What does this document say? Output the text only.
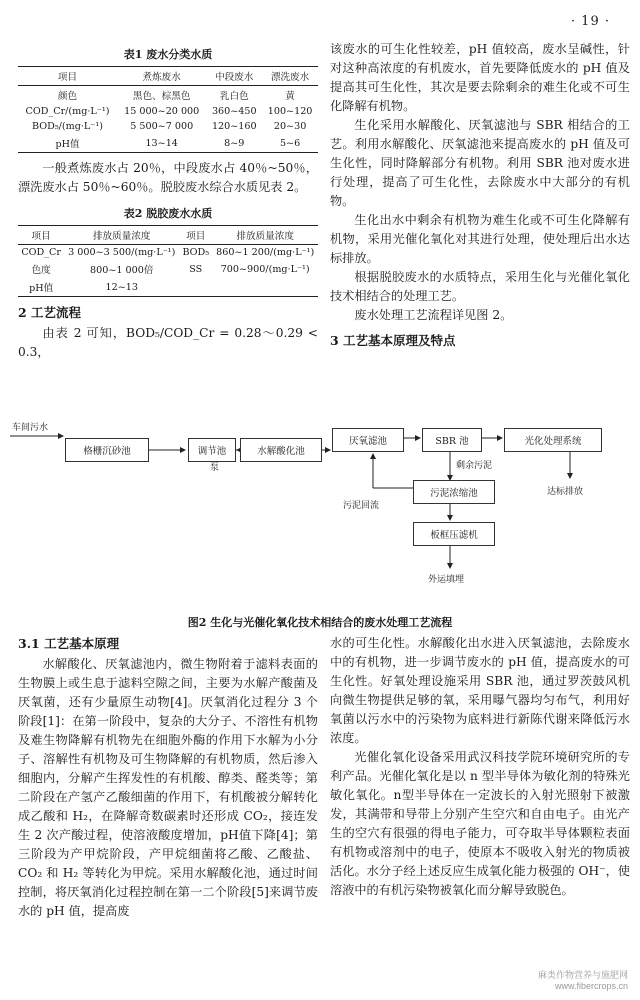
· 19 ·
表1 废水分类水质
项目	煮炼废水	中段废水	漂洗废水
颜色	黑色、棕黑色	乳白色	黄
COD_Cr/(mg·L⁻¹)	15 000~20 000	360~450	100~120
BOD₅/(mg·L⁻¹)	5 500~7 000	120~160	20~30
pH值	13~14	8~9	5~6

一般煮炼废水占 20％，中段废水占 40％~50％，漂洗废水占 50％~60％。脱胶废水综合水质见表 2。

表2 脱胶废水水质
项目	排放质量浓度	项目	排放质量浓度
COD_Cr	3 000~3 500/(mg·L⁻¹)	BOD₅	860~1 200/(mg·L⁻¹)
色度	800~1 000倍	SS	700~900/(mg·L⁻¹)
pH值	12~13		
2 工艺流程

由表 2 可知，BOD₅/COD_Cr = 0.28～0.29 < 0.3，

该废水的可生化性较差，pH 值较高，废水呈碱性，针对这种高浓度的有机废水，首先要降低废水的 pH 值及提高其可生化性，其次是要去除剩余的难生化或不可生化降解有机物。

生化采用水解酸化、厌氧滤池与 SBR 相结合的工艺。利用水解酸化、厌氧滤池来提高废水的 pH 值及可生化性，同时降解部分有机物。利用 SBR 池对废水进行处理，提高了可生化性，去除废水中大部分的有机物。

生化出水中剩余有机物为难生化或不可生化降解有机物，采用光催化氧化对其进行处理，使处理后出水达标排放。

根据脱胶废水的水质特点，采用生化与光催化氧化技术相结合的处理工艺。

废水处理工艺流程详见图 2。

3 工艺基本原理及特点
车间污水
格栅沉砂池	调节池	水解酸化池
厌氧滤池	SBR 池	光化处理系统
污泥浓缩池
板框压滤机
泵	剩余污泥
污泥回流
达标排放
外运填埋
图2 生化与光催化氧化技术相结合的废水处理工艺流程
3.1 工艺基本原理

水解酸化、厌氧滤池内，微生物附着于滤料表面的生物膜上或生息于滤料空隙之间，主要为水解产酸菌及厌氧菌，还有少量原生动物[4]。厌氧消化过程分 3 个阶段[1]：在第一阶段中，复杂的大分子、不溶性有机物及难生物降解有机物先在细胞外酶的作用下水解为小分子、溶解性有机物及可生物降解的有机物质，然后渗入细胞内，分解产生挥发性的有机酸、醇类、醛类等；第二阶段在产氢产乙酸细菌的作用下，有机酸被分解转化成乙酸和 H₂，在降解奇数碳素时还形成 CO₂，接连发生 2 次产酸过程，使溶液酸度增加，pH值下降[4]；第三阶段为产甲烷阶段，产甲烷细菌将乙酸、乙酸盐、CO₂ 和 H₂ 等转化为甲烷。采用水解酸化池，通过时间控制，将厌氧消化过程控制在第一二个阶段[5]来调节废水的 pH 值，提高废

水的可生化性。水解酸化出水进入厌氧滤池，去除废水中的有机物，进一步调节废水的 pH 值，提高废水的可生化性。好氧处理设施采用 SBR 池，通过罗茨鼓风机向微生物提供足够的氧，采用曝气器均匀布气，利用好氧菌以污水中的污染物为底料进行新陈代谢来降低污水浓度。

光催化氧化设备采用武汉科技学院环境研究所的专利产品。光催化氧化是以 n 型半导体为敏化剂的特殊光敏化氧化。n型半导体在一定波长的入射光照射下被激发，其满带和导带上分别产生空穴和自由电子。由光产生的空穴有很强的得电子能力，可夺取半导体颗粒表面有机物或溶剂中的电子，使原本不吸收入射光的物质被活化。水分子经上述反应生成氧化能力极强的 OH⁻，使溶液中的有机污染物被氧化而分解导致脱色。

麻类作物营养与施肥网
www.fibercrops.cn
